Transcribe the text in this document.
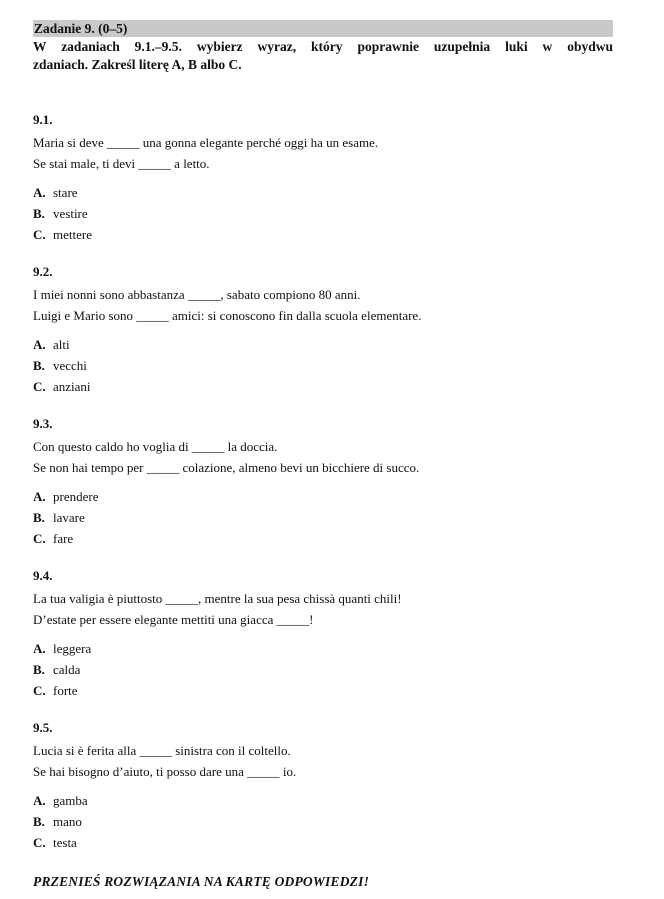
Zadanie 9. (0–5)
W zadaniach 9.1.–9.5. wybierz wyraz, który poprawnie uzupełnia luki w obydwu
zdaniach. Zakreśl literę A, B albo C.
9.1.
Maria si deve _____ una gonna elegante perché oggi ha un esame.
Se stai male, ti devi _____ a letto.
A. stare
B. vestire
C. mettere
9.2.
I miei nonni sono abbastanza _____, sabato compiono 80 anni.
Luigi e Mario sono _____ amici: si conoscono fin dalla scuola elementare.
A. alti
B. vecchi
C. anziani
9.3.
Con questo caldo ho voglia di _____ la doccia.
Se non hai tempo per _____ colazione, almeno bevi un bicchiere di succo.
A. prendere
B. lavare
C. fare
9.4.
La tua valigia è piuttosto _____, mentre la sua pesa chissà quanti chili!
D’estate per essere elegante mettiti una giacca _____!
A. leggera
B. calda
C. forte
9.5.
Lucia si è ferita alla _____ sinistra con il coltello.
Se hai bisogno d’aiuto, ti posso dare una _____ io.
A. gamba
B. mano
C. testa
PRZENIEŚ ROZWIĄZANIA NA KARTĘ ODPOWIEDZI!
